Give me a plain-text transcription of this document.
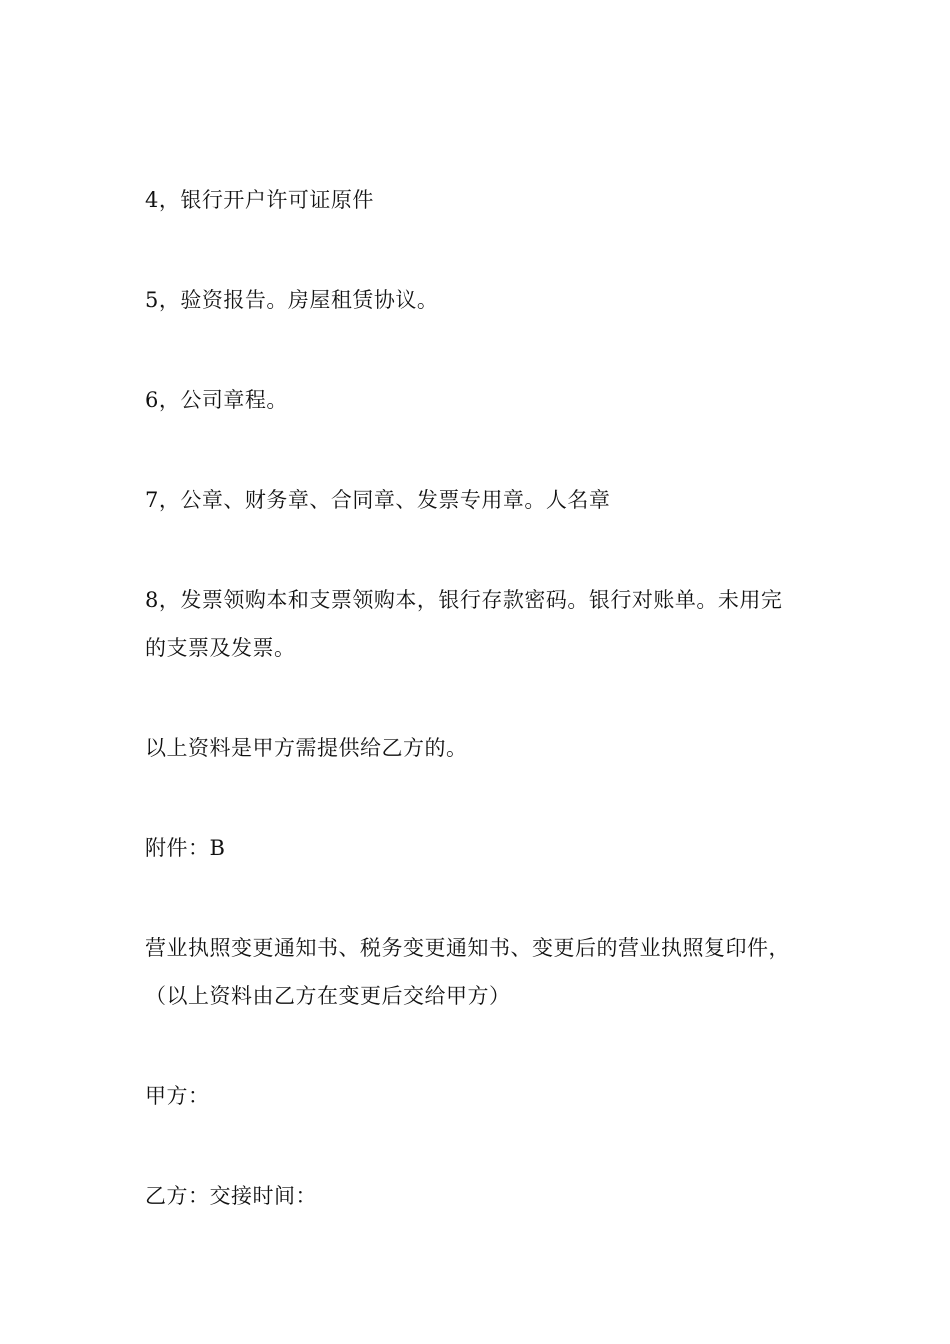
4，银行开户许可证原件
5，验资报告。房屋租赁协议。
6，公司章程。
7，公章、财务章、合同章、发票专用章。人名章
8，发票领购本和支票领购本，银行存款密码。银行对账单。未用完
的支票及发票。
以上资料是甲方需提供给乙方的。
附件：B
营业执照变更通知书、税务变更通知书、变更后的营业执照复印件，
（以上资料由乙方在变更后交给甲方）
甲方：
乙方：交接时间：
